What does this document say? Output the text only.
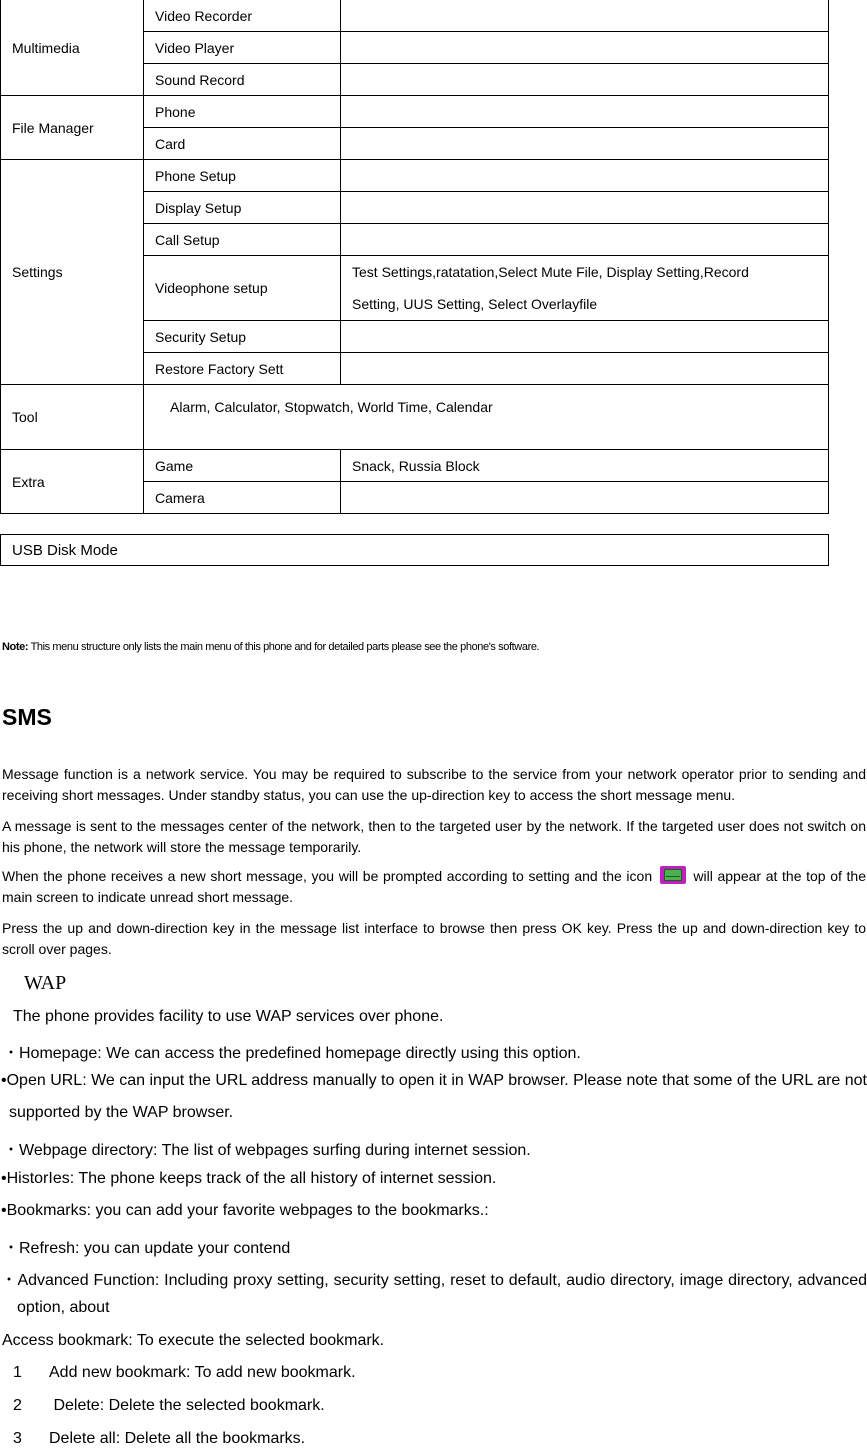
Multimedia	Video Recorder	
	Video Player	
	Sound Record	
File Manager	Phone	
	Card	
Settings	Phone Setup	
	Display Setup	
	Call Setup	
	Videophone setup	Test Settings,ratatation,Select Mute File, Display Setting,Record
Setting, UUS Setting, Select Overlayfile

	Security Setup	
	Restore Factory Sett	
Tool	Alarm, Calculator, Stopwatch, World Time, Calendar	

Extra	Game	Snack, Russia Block
	Camera	
USB Disk Mode
Note: This menu structure only lists the main menu of this phone and for detailed parts please see the phone's software.
SMS
Message function is a network service. You may be required to subscribe to the service from your network operator prior to sending and receiving short messages. Under standby status, you can use the up-direction key to access the short message menu.
A message is sent to the messages center of the network, then to the targeted user by the network. If the targeted user does not switch on his phone, the network will store the message temporarily.
When the phone receives a new short message, you will be prompted according to setting and the icon	will appear at the top of the main screen to indicate unread short message.
Press the up and down-direction key in the message list interface to browse then press OK key. Press the up and down-direction key to scroll over pages.
WAP
The phone provides facility to use WAP services over phone.
・Homepage: We can access the predefined homepage directly using this option.
•Open URL: We can input the URL address manually to open it in WAP browser. Please note that some of the URL are not
supported by the WAP browser.
・Webpage directory: The list of webpages surfing during internet session.
•HistorIes: The phone keeps track of the all history of internet session.
•Bookmarks: you can add your favorite webpages to the bookmarks.:
・Refresh: you can update your contend
・Advanced Function: Including proxy setting, security setting, reset to default, audio directory, image directory, advanced
option, about
Access bookmark: To execute the selected bookmark.
1 Add new bookmark: To add new bookmark.
2 Delete: Delete the selected bookmark.
3 Delete all: Delete all the bookmarks.
